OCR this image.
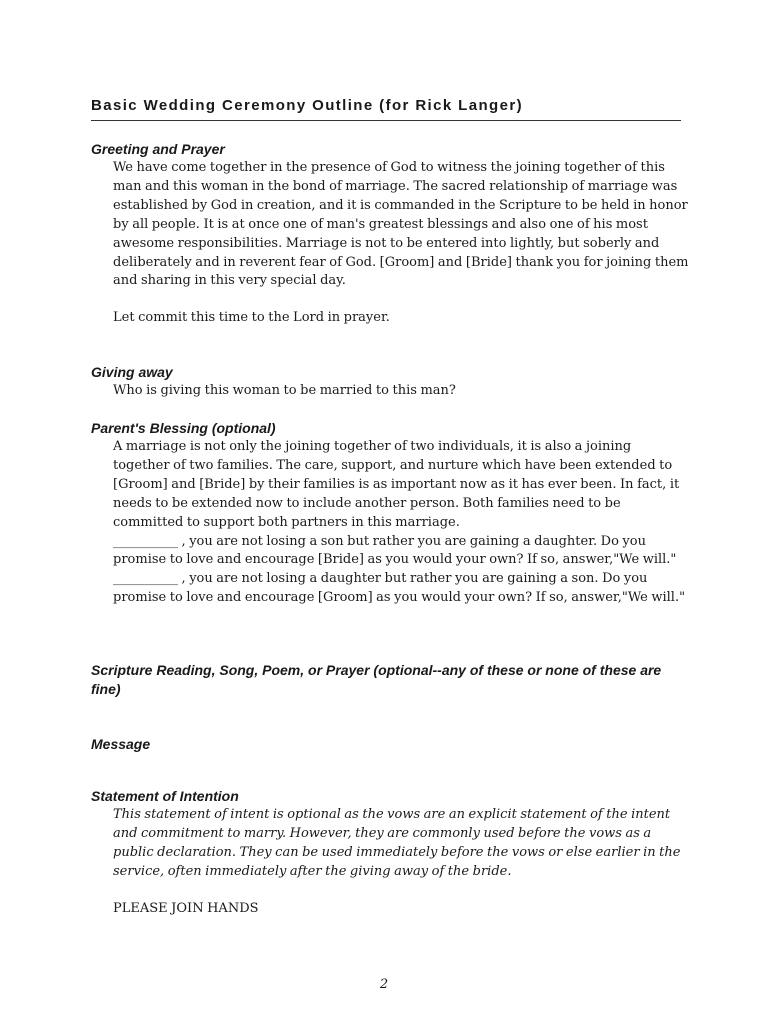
Basic Wedding Ceremony Outline (for Rick Langer)

Greeting and Prayer

We have come together in the presence of God to witness the joining together of this man and this woman in the bond of marriage. The sacred relationship of marriage was established by God in creation, and it is commanded in the Scripture to be held in honor by all people. It is at once one of man's greatest blessings and also one of his most awesome responsibilities. Marriage is not to be entered into lightly, but soberly and deliberately and in reverent fear of God. [Groom] and [Bride] thank you for joining them and sharing in this very special day.

Let commit this time to the Lord in prayer.

Giving away

Who is giving this woman to be married to this man?

Parent's Blessing (optional)

A marriage is not only the joining together of two individuals, it is also a joining together of two families. The care, support, and nurture which have been extended to [Groom] and [Bride] by their families is as important now as it has ever been. In fact, it needs to be extended now to include another person. Both families need to be committed to support both partners in this marriage.

__________ , you are not losing a son but rather you are gaining a daughter. Do you promise to love and encourage [Bride] as you would your own? If so, answer,"We will."

__________ , you are not losing a daughter but rather you are gaining a son. Do you promise to love and encourage [Groom] as you would your own? If so, answer,"We will."

Scripture Reading, Song, Poem, or Prayer (optional--any of these or none of these are fine)

Message

Statement of Intention

This statement of intent is optional as the vows are an explicit statement of the intent and commitment to marry. However, they are commonly used before the vows as a public declaration. They can be used immediately before the vows or else earlier in the service, often immediately after the giving away of the bride.

PLEASE JOIN HANDS

2
